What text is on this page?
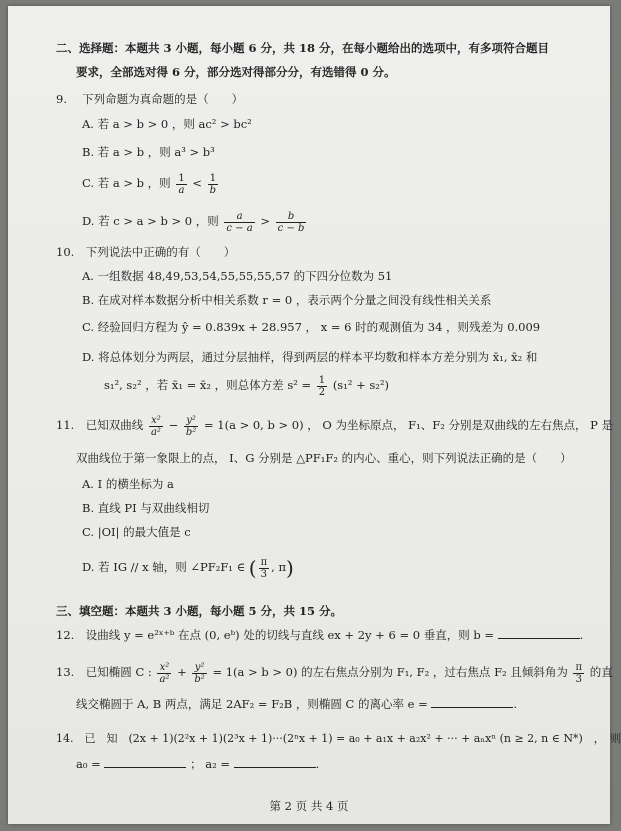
二、选择题：本题共 3 小题，每小题 6 分，共 18 分，在每小题给出的选项中，有多项符合题目
要求，全部选对得 6 分，部分选对得部分分，有选错得 0 分。
9.　 下列命题为真命题的是（　　）
A. 若 a > b > 0 ，则 ac² > bc²
B. 若 a > b ，则 a³ > b³
C. 若 a > b ，则 $\frac{1}{a} < \frac{1}{b}$
D. 若 c > a > b > 0 ，则 $\frac{a}{c - a} > \frac{b}{c - b}$
10.　下列说法中正确的有（　　）
A. 一组数据 48,49,53,54,55,55,55,57 的下四分位数为 51
B. 在成对样本数据分析中相关系数 r = 0 ，表示两个分量之间没有线性相关关系
C. 经验回归方程为 ŷ = 0.839x + 28.957 ， x = 6 时的观测值为 34 ，则残差为 0.009
D. 将总体划分为两层，通过分层抽样，得到两层的样本平均数和样本方差分别为 x̄₁, x̄₂ 和
s₁², s₂² ，若 x̄₁ = x̄₂ ，则总体方差 $s^2 = \frac{1}{2} (s_1^2 + s_2^2)$
11.　已知双曲线 $\frac{\text{x²}}{\text{a²}} - \frac{\text{y²}}{\text{b²}} = 1(a > 0$, b > 0) ， O 为坐标原点， F₁、F₂ 分别是双曲线的左右焦点， P 是
双曲线位于第一象限上的点， I、G 分别是 △PF₁F₂ 的内心、重心，则下列说法正确的是（　　）
A. I 的横坐标为 a
B. 直线 PI 与双曲线相切
C. |OI| 的最大值是 c
D. 若 IG // x 轴，则 ∠PF₂F₁ ∈ ( $\frac{\pi}{3}$ , π)
三、填空题：本题共 3 小题，每小题 5 分，共 15 分。
12.　设曲线 y = e²ˣ⁺ᵇ 在点 (0, eᵇ) 处的切线与直线 ex + 2y + 6 = 0 垂直，则 b =	.
13.　已知椭圆 C : $\frac{\text{x²}}{\text{a²}} + \frac{\text{y²}}{\text{b²}} = 1(a > b > 0)$ 的左右焦点分别为 F₁, F₂ ，过右焦点 F₂ 且倾斜角为 $\frac{\pi}{3}$ 的直
线交椭圆于 A, B 两点，满足 2AF₂ = F₂B ，则椭圆 C 的离心率 e =	.
14.　已　知　(2x + 1)(2²x + 1)(2³x + 1)···(2ⁿx + 1) = a₀ + a₁x + a₂x² + ··· + aₙxⁿ (n ≥ 2, n ∈ N*)　，　则
a₀ =	； a₂ =	.
第 2 页 共 4 页
